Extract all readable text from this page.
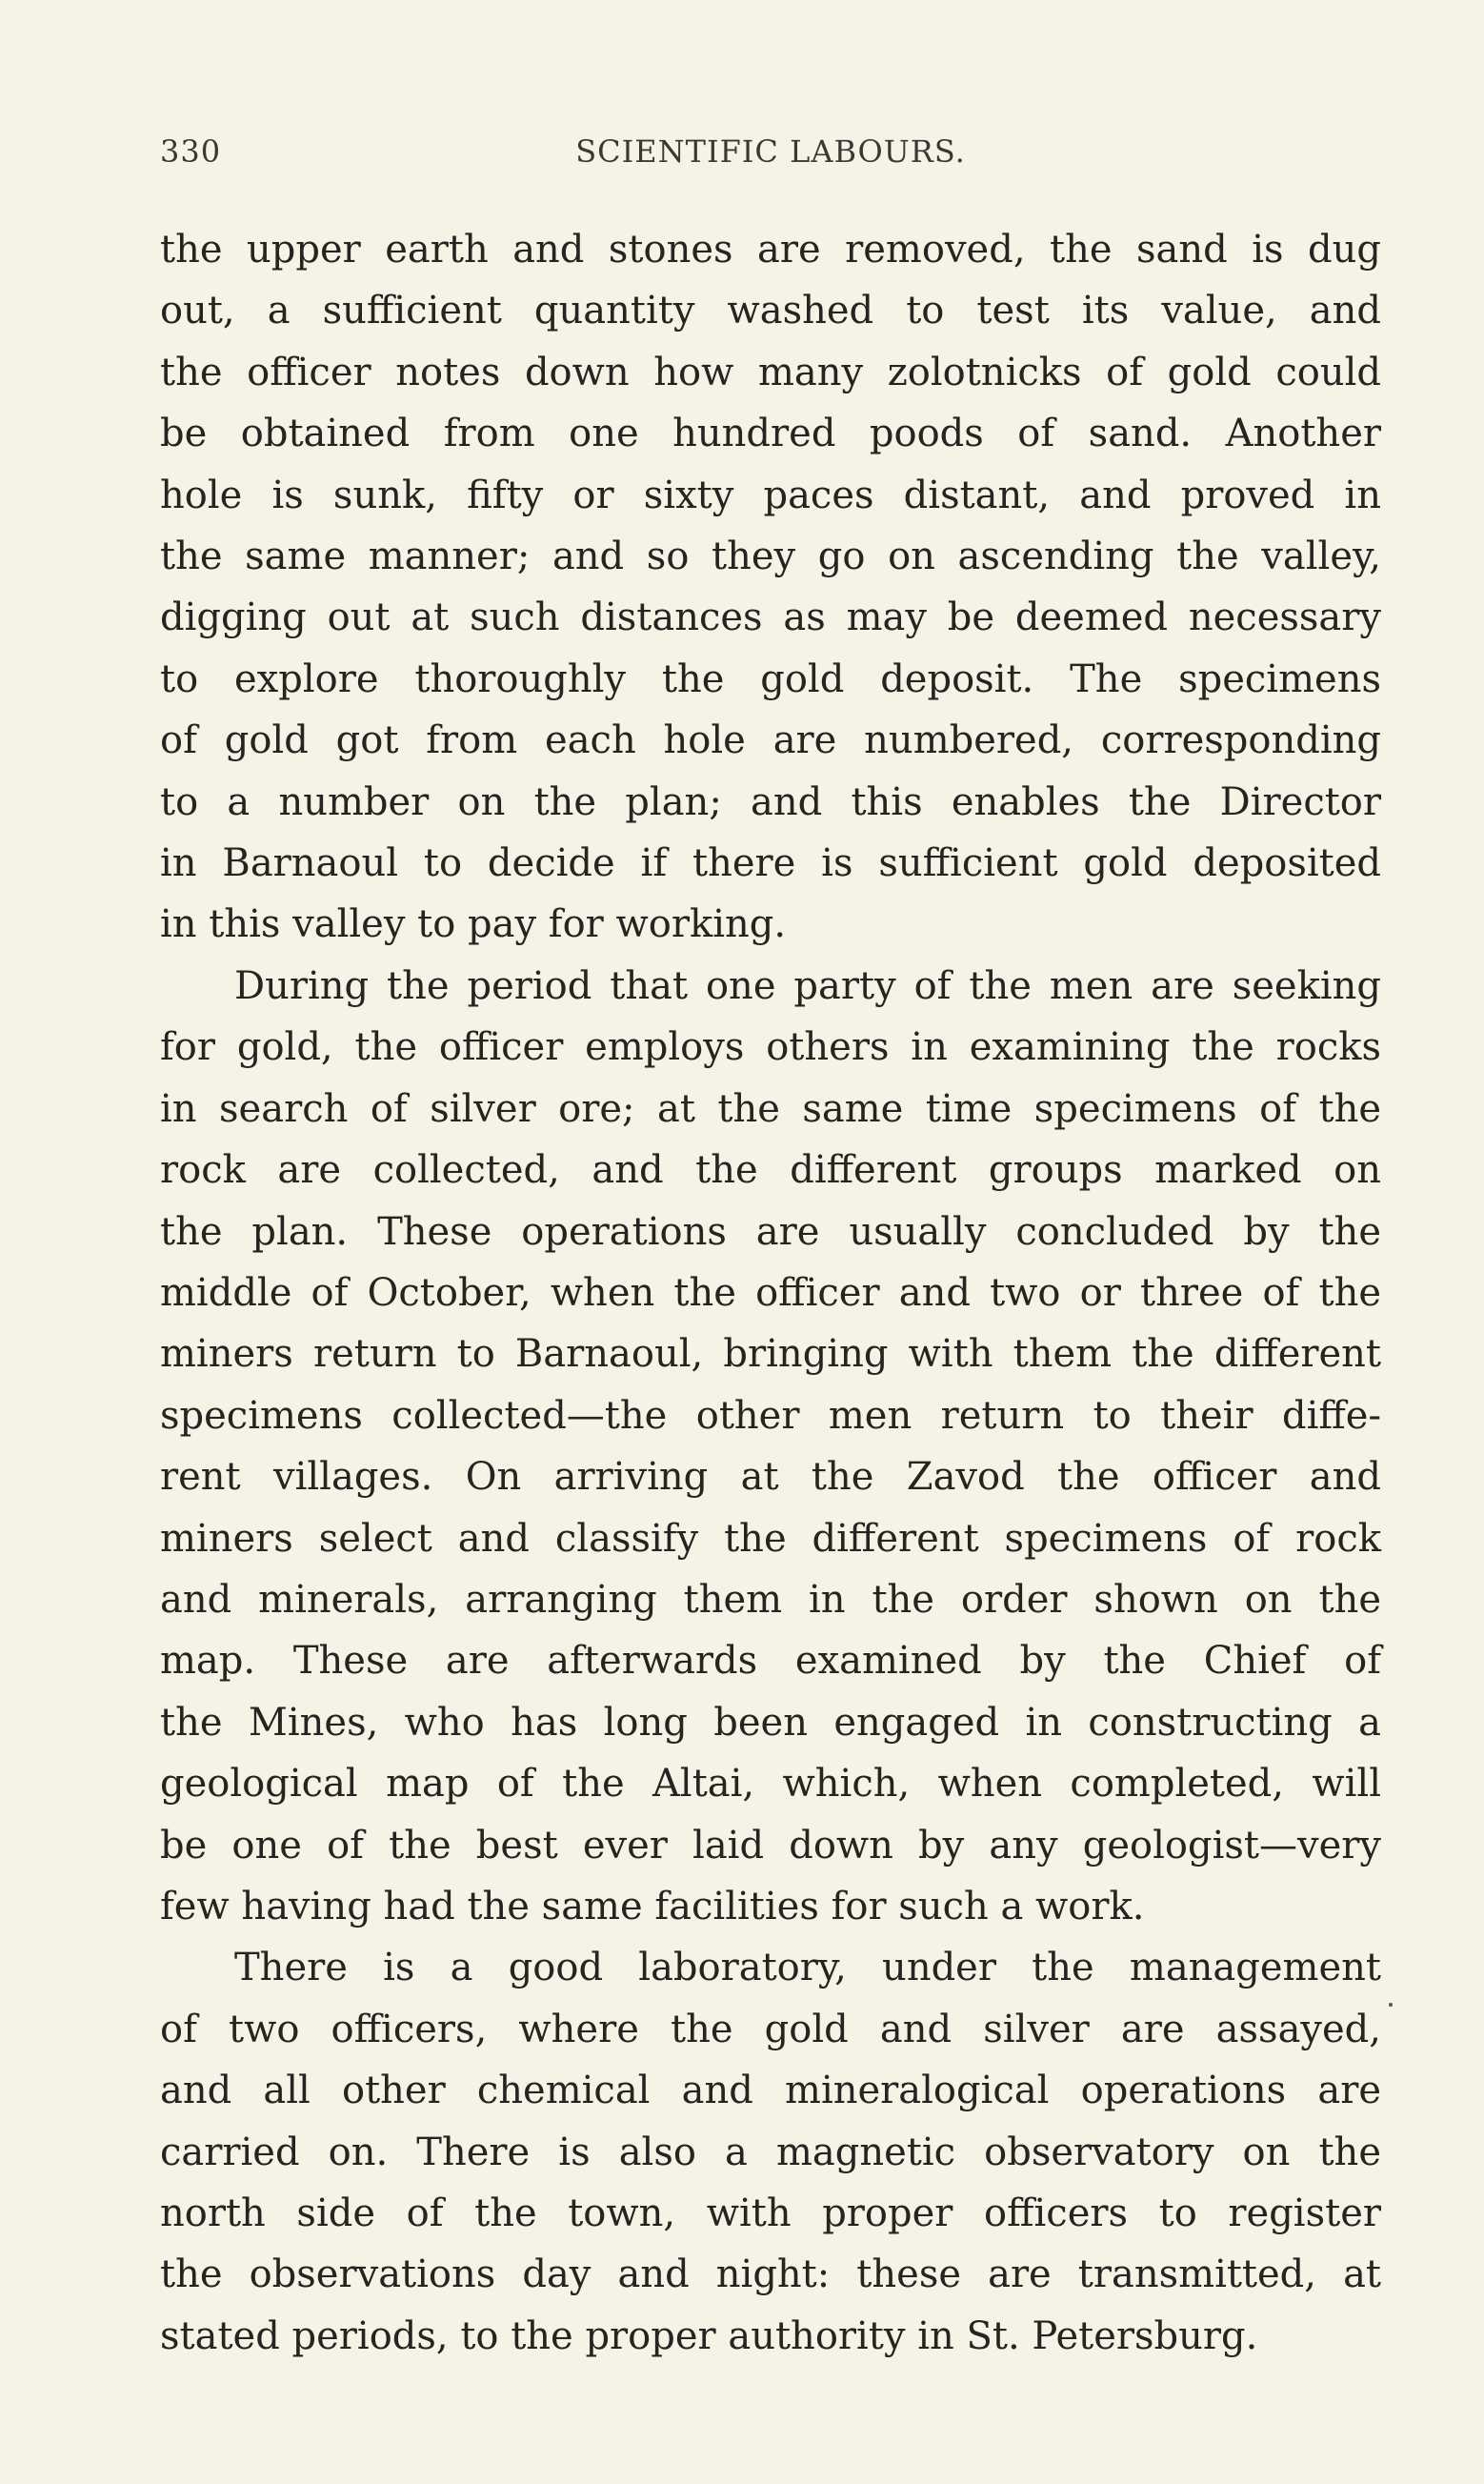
330	SCIENTIFIC LABOURS.
the upper earth and stones are removed, the sand is dug
out, a sufficient quantity washed to test its value, and
the officer notes down how many zolotnicks of gold could
be obtained from one hundred poods of sand. Another
hole is sunk, fifty or sixty paces distant, and proved in
the same manner; and so they go on ascending the valley,
digging out at such distances as may be deemed necessary
to explore thoroughly the gold deposit. The specimens
of gold got from each hole are numbered, corresponding
to a number on the plan; and this enables the Director
in Barnaoul to decide if there is sufficient gold deposited
in this valley to pay for working.
During the period that one party of the men are seeking
for gold, the officer employs others in examining the rocks
in search of silver ore; at the same time specimens of the
rock are collected, and the different groups marked on
the plan. These operations are usually concluded by the
middle of October, when the officer and two or three of the
miners return to Barnaoul, bringing with them the different
specimens collected—the other men return to their diffe-
rent villages. On arriving at the Zavod the officer and
miners select and classify the different specimens of rock
and minerals, arranging them in the order shown on the
map. These are afterwards examined by the Chief of
the Mines, who has long been engaged in constructing a
geological map of the Altai, which, when completed, will
be one of the best ever laid down by any geologist—very
few having had the same facilities for such a work.
There is a good laboratory, under the management
of two officers, where the gold and silver are assayed,
and all other chemical and mineralogical operations are
carried on. There is also a magnetic observatory on the
north side of the town, with proper officers to register
the observations day and night: these are transmitted, at
stated periods, to the proper authority in St. Petersburg.
